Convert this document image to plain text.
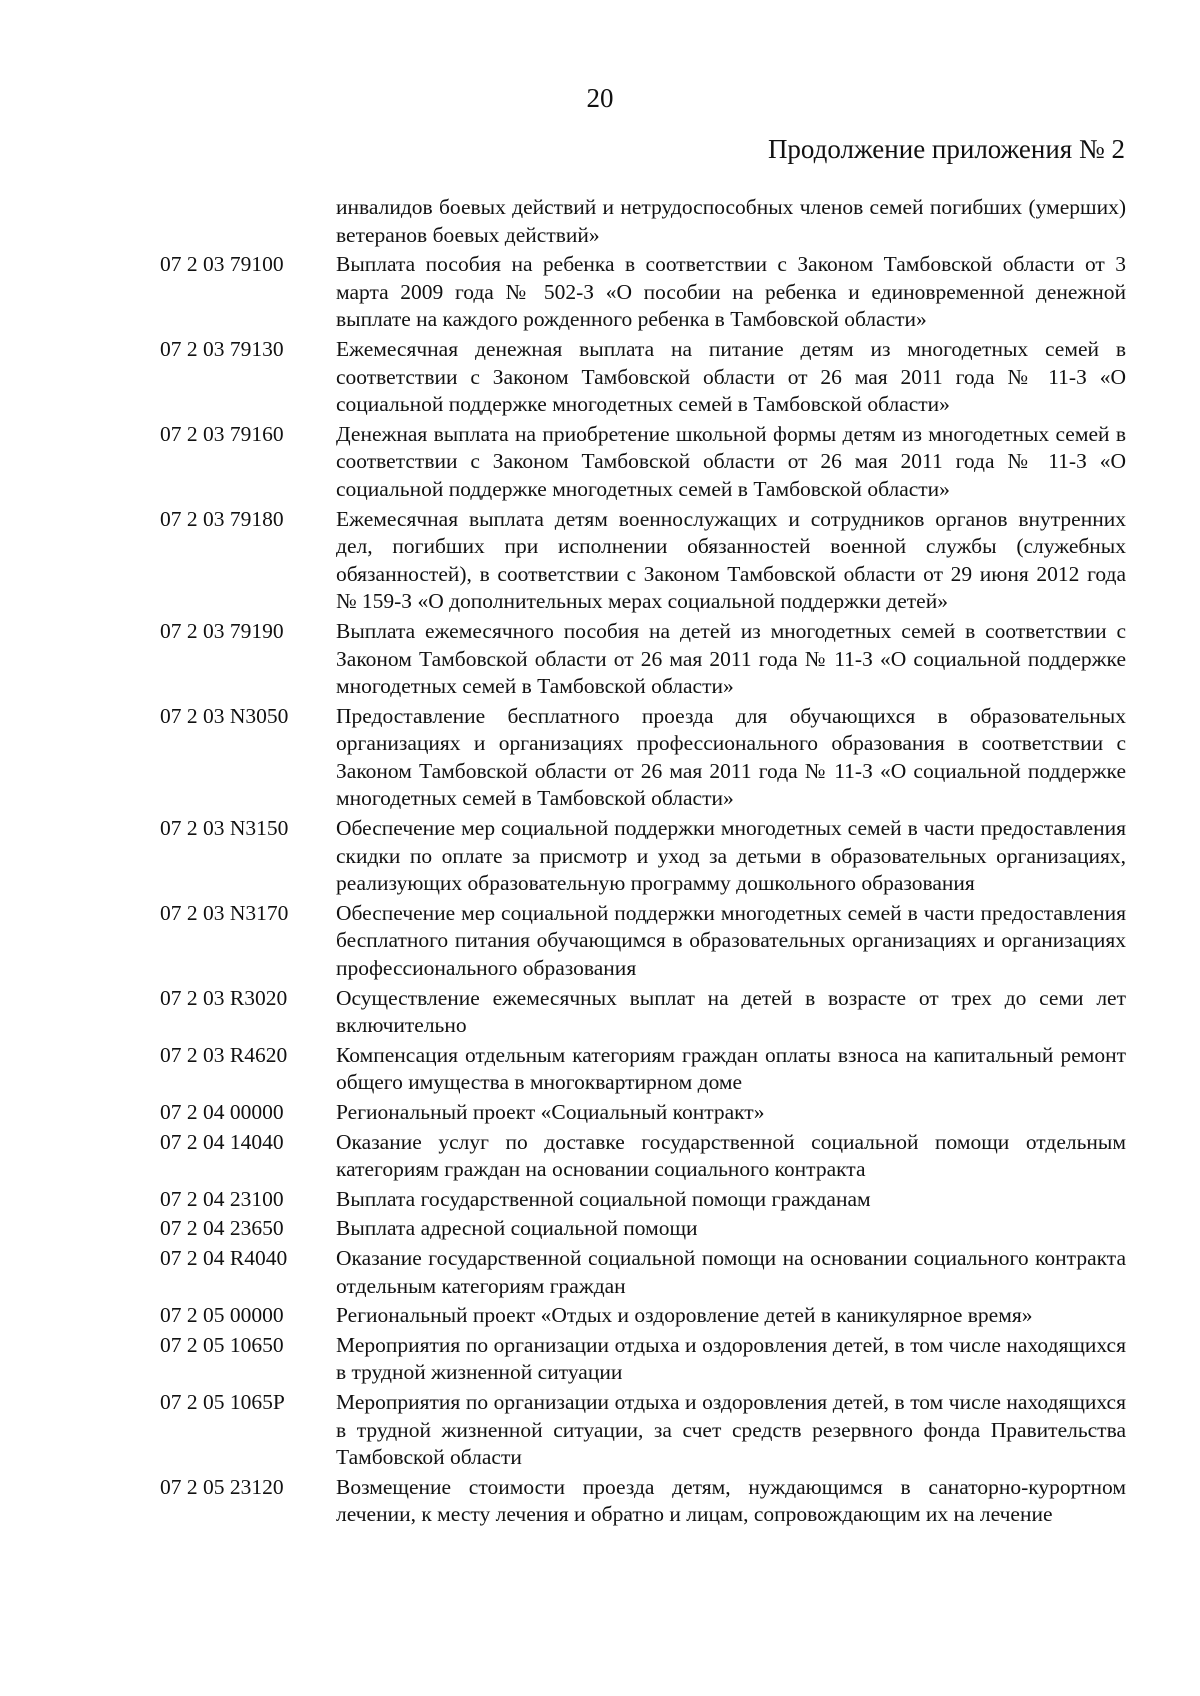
20
Продолжение приложения № 2
инвалидов боевых действий и нетрудоспособных членов семей погибших (умерших) ветеранов боевых действий»
07 2 03 79100	Выплата пособия на ребенка в соответствии с Законом Тамбовской области от 3 марта 2009 года № 502-З «О пособии на ребенка и единовременной денежной выплате на каждого рожденного ребенка в Тамбовской области»
07 2 03 79130	Ежемесячная денежная выплата на питание детям из многодетных семей в соответствии с Законом Тамбовской области от 26 мая 2011 года № 11-З «О социальной поддержке многодетных семей в Тамбовской области»
07 2 03 79160	Денежная выплата на приобретение школьной формы детям из многодетных семей в соответствии с Законом Тамбовской области от 26 мая 2011 года № 11-З «О социальной поддержке многодетных семей в Тамбовской области»
07 2 03 79180	Ежемесячная выплата детям военнослужащих и сотрудников органов внутренних дел, погибших при исполнении обязанностей военной службы (служебных обязанностей), в соответствии с Законом Тамбовской области от 29 июня 2012 года № 159-З «О дополнительных мерах социальной поддержки детей»
07 2 03 79190	Выплата ежемесячного пособия на детей из многодетных семей в соответствии с Законом Тамбовской области от 26 мая 2011 года № 11-З «О социальной поддержке многодетных семей в Тамбовской области»
07 2 03 N3050	Предоставление бесплатного проезда для обучающихся в образовательных организациях и организациях профессионального образования в соответствии с Законом Тамбовской области от 26 мая 2011 года № 11-З «О социальной поддержке многодетных семей в Тамбовской области»
07 2 03 N3150	Обеспечение мер социальной поддержки многодетных семей в части предоставления скидки по оплате за присмотр и уход за детьми в образовательных организациях, реализующих образовательную программу дошкольного образования
07 2 03 N3170	Обеспечение мер социальной поддержки многодетных семей в части предоставления бесплатного питания обучающимся в образовательных организациях и организациях профессионального образования
07 2 03 R3020	Осуществление ежемесячных выплат на детей в возрасте от трех до семи лет включительно
07 2 03 R4620	Компенсация отдельным категориям граждан оплаты взноса на капитальный ремонт общего имущества в многоквартирном доме
07 2 04 00000	Региональный проект «Социальный контракт»
07 2 04 14040	Оказание услуг по доставке государственной социальной помощи отдельным категориям граждан на основании социального контракта
07 2 04 23100	Выплата государственной социальной помощи гражданам
07 2 04 23650	Выплата адресной социальной помощи
07 2 04 R4040	Оказание государственной социальной помощи на основании социального контракта отдельным категориям граждан
07 2 05 00000	Региональный проект «Отдых и оздоровление детей в каникулярное время»
07 2 05 10650	Мероприятия по организации отдыха и оздоровления детей, в том числе находящихся в трудной жизненной ситуации
07 2 05 1065P	Мероприятия по организации отдыха и оздоровления детей, в том числе находящихся в трудной жизненной ситуации, за счет средств резервного фонда Правительства Тамбовской области
07 2 05 23120	Возмещение стоимости проезда детям, нуждающимся в санаторно-курортном лечении, к месту лечения и обратно и лицам, сопровождающим их на лечение
